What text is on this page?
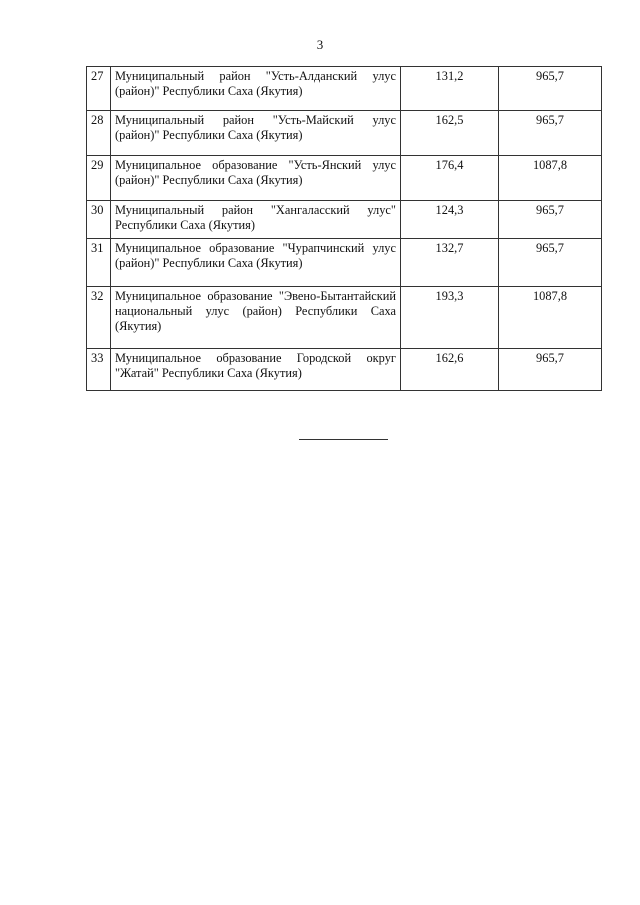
3
27	Муниципальный район "Усть-Алданский улус (район)" Республики Саха (Якутия)	131,2	965,7
28	Муниципальный район "Усть-Майский улус (район)" Республики Саха (Якутия)	162,5	965,7
29	Муниципальное образование "Усть-Янский улус (район)" Республики Саха (Якутия)	176,4	1087,8
30	Муниципальный район "Хангаласский улус" Республики Саха (Якутия)	124,3	965,7
31	Муниципальное образование "Чурапчинский улус (район)" Республики Саха (Якутия)	132,7	965,7
32	Муниципальное образование "Эвено-Бытантайский национальный улус (район) Республики Саха (Якутия)	193,3	1087,8
33	Муниципальное образование Городской округ "Жатай" Республики Саха (Якутия)	162,6	965,7
